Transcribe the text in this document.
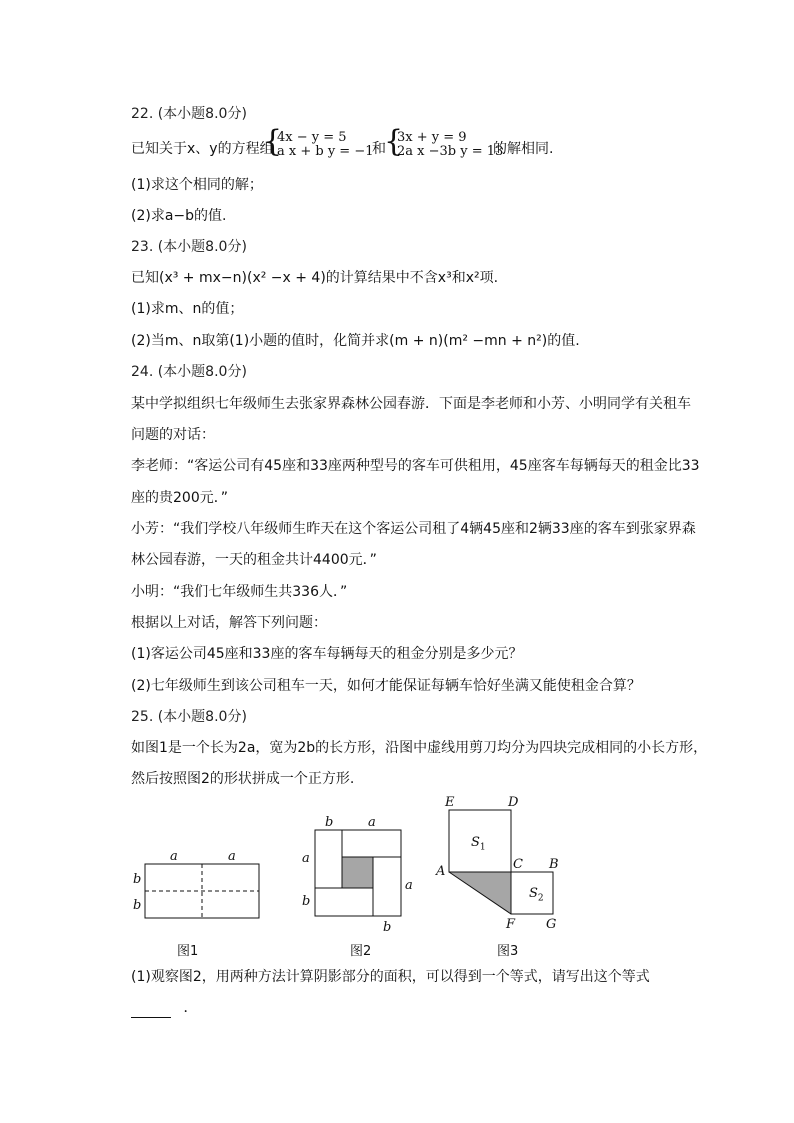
22. (本小题8.0分)
已知关于x、y的方程组
{
4x − y = 5
a x + b y = −1
和
{
3x + y = 9
2a x −3b y = 13
的解相同.
(1)求这个相同的解；
(2)求a−b的值.
23. (本小题8.0分)
已知(x³ + mx−n)(x² −x + 4)的计算结果中不含x³和x²项.
(1)求m、n的值；
(2)当m、n取第(1)小题的值时，化简并求(m + n)(m² −mn + n²)的值.
24. (本小题8.0分)
某中学拟组织七年级师生去张家界森林公园春游．下面是李老师和小芳、小明同学有关租车
问题的对话：
李老师：“客运公司有45座和33座两种型号的客车可供租用，45座客车每辆每天的租金比33
座的贵200元．”
小芳：“我们学校八年级师生昨天在这个客运公司租了4辆45座和2辆33座的客车到张家界森
林公园春游，一天的租金共计4400元．”
小明：“我们七年级师生共336人．”
根据以上对话，解答下列问题：
(1)客运公司45座和33座的客车每辆每天的租金分别是多少元？
(2)七年级师生到该公司租车一天，如何才能保证每辆车恰好坐满又能使租金合算？
25. (本小题8.0分)
如图1是一个长为2a，宽为2b的长方形，沿图中虚线用剪刀均分为四块完成相同的小长方形，
然后按照图2的形状拼成一个正方形.
a	a
b
b
图1
b	a
a
b
a
b
图2
E	D
A	C B
F G
$S_1$
$S_2$
图3
(1)观察图2，用两种方法计算阴影部分的面积，可以得到一个等式，请写出这个等式
．
